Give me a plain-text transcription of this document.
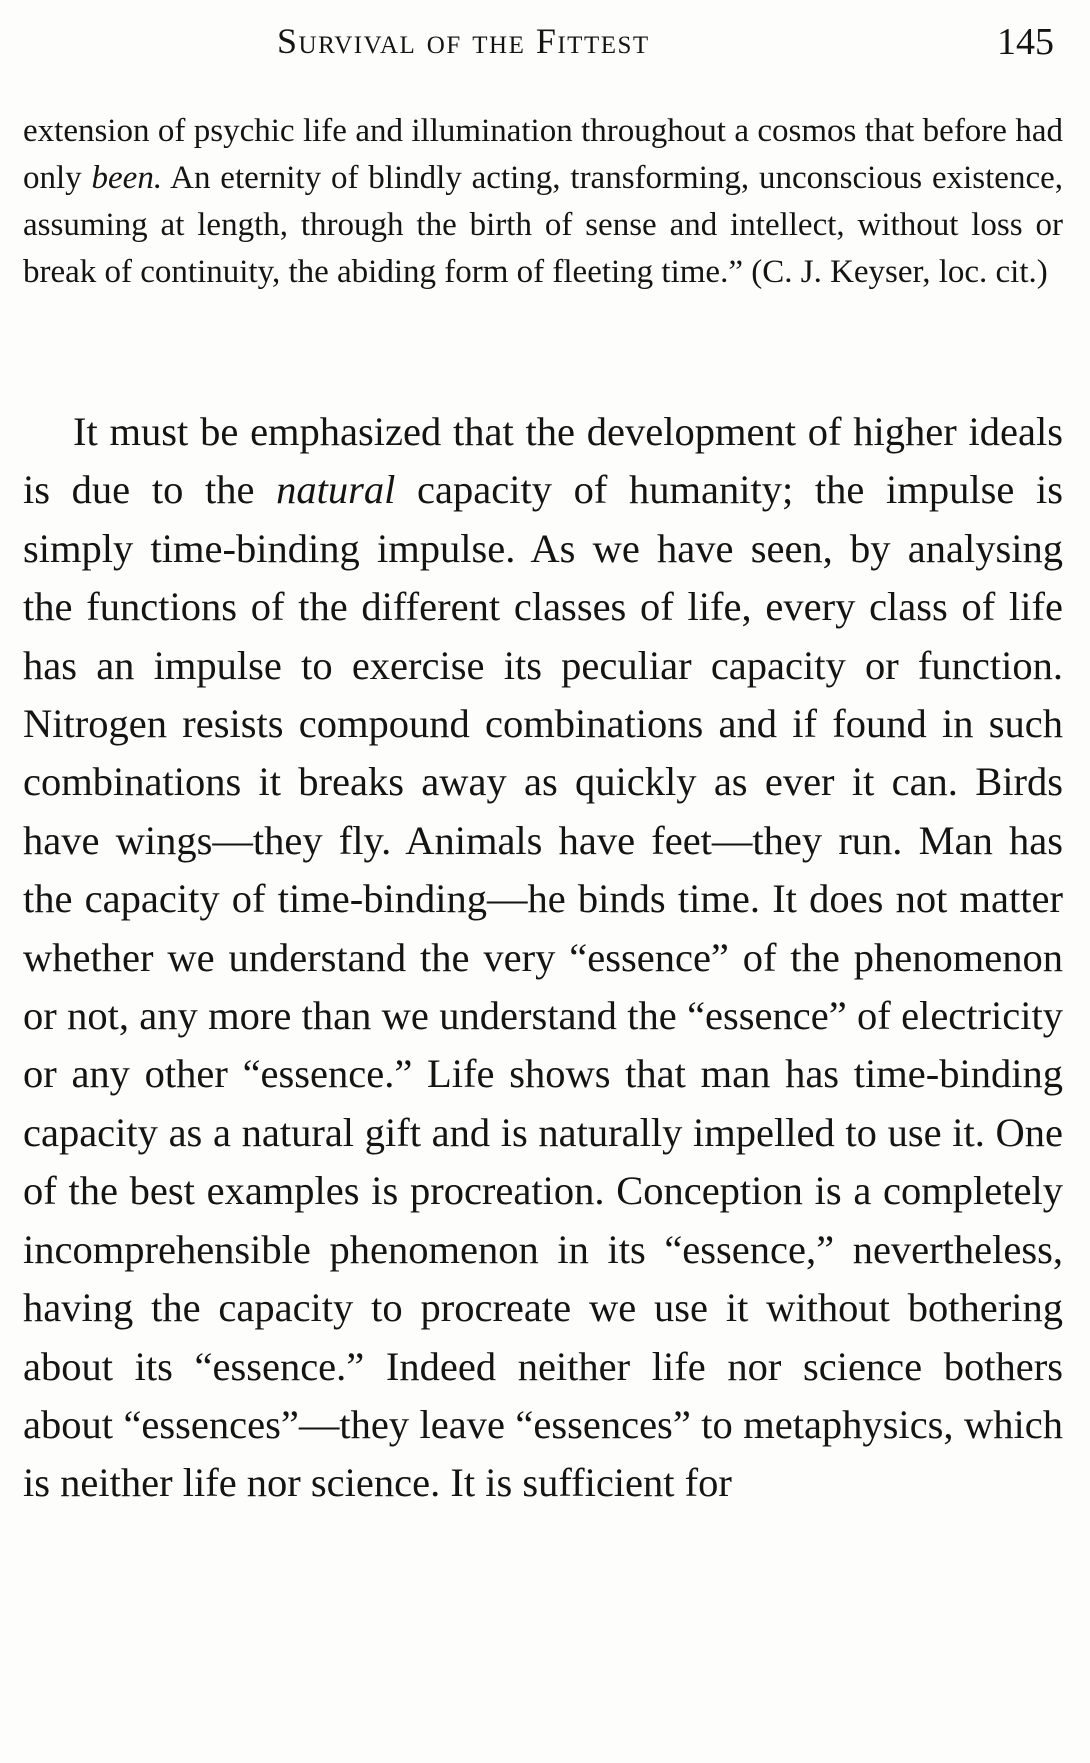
Survival of the Fittest	145

extension of psychic life and illumination throughout a cosmos that before had only been. An eternity of blindly acting, transforming, unconscious existence, assuming at length, through the birth of sense and intellect, without loss or break of continuity, the abiding form of fleeting time.” (C. J. Keyser, loc. cit.)

It must be emphasized that the development of higher ideals is due to the natural capacity of humanity; the impulse is simply time-binding impulse. As we have seen, by analysing the functions of the different classes of life, every class of life has an impulse to exercise its peculiar capacity or function. Nitrogen resists compound combinations and if found in such combinations it breaks away as quickly as ever it can. Birds have wings—they fly. Animals have feet—they run. Man has the capacity of time-binding—he binds time. It does not matter whether we understand the very “essence” of the phenomenon or not, any more than we understand the “essence” of electricity or any other “essence.” Life shows that man has time-binding capacity as a natural gift and is naturally impelled to use it. One of the best examples is procreation. Conception is a completely incomprehensible phenomenon in its “essence,” nevertheless, having the capacity to procreate we use it without bothering about its “essence.” Indeed neither life nor science bothers about “essences”—they leave “essences” to metaphysics, which is neither life nor science. It is sufficient for
